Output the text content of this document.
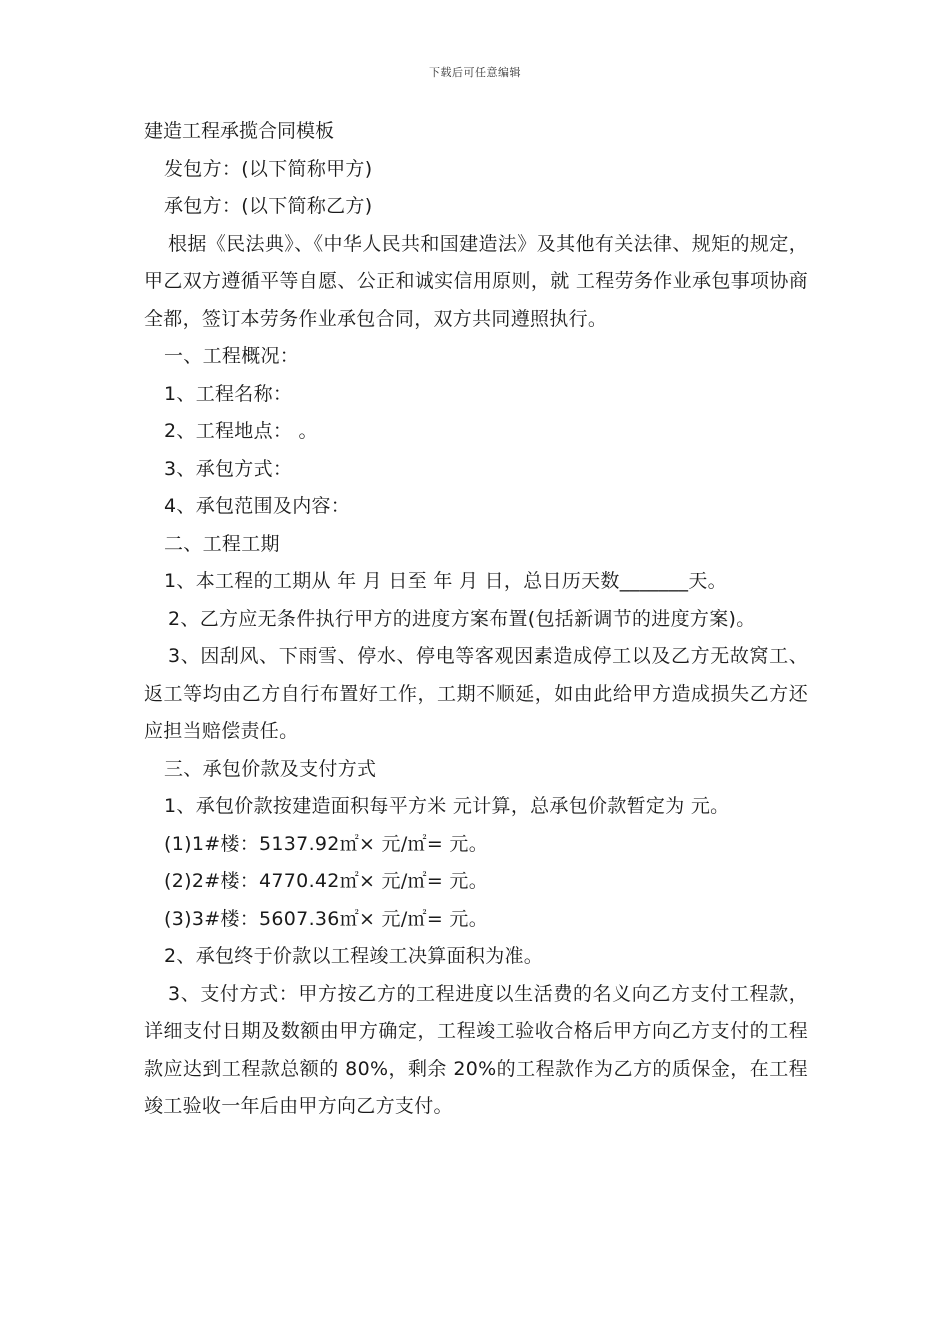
下载后可任意编辑
建造工程承揽合同模板

发包方：(以下简称甲方)

承包方：(以下简称乙方)

根据《民法典》、《中华人民共和国建造法》及其他有关法律、规矩的规定，甲乙双方遵循平等自愿、公正和诚实信用原则，就 工程劳务作业承包事项协商全都，签订本劳务作业承包合同，双方共同遵照执行。

一、工程概况：

1、工程名称：

2、工程地点： 。

3、承包方式：

4、承包范围及内容：

二、工程工期

1、本工程的工期从 年 月 日至 年 月 日，总日历天数_______天。

2、乙方应无条件执行甲方的进度方案布置(包括新调节的进度方案)。

3、因刮风、下雨雪、停水、停电等客观因素造成停工以及乙方无故窝工、返工等均由乙方自行布置好工作，工期不顺延，如由此给甲方造成损失乙方还应担当赔偿责任。

三、承包价款及支付方式

1、承包价款按建造面积每平方米 元计算，总承包价款暂定为 元。

(1)1#楼：5137.92㎡× 元/㎡= 元。

(2)2#楼：4770.42㎡× 元/㎡= 元。

(3)3#楼：5607.36㎡× 元/㎡= 元。

2、承包终于价款以工程竣工决算面积为准。

3、支付方式：甲方按乙方的工程进度以生活费的名义向乙方支付工程款，详细支付日期及数额由甲方确定，工程竣工验收合格后甲方向乙方支付的工程款应达到工程款总额的 80%，剩余 20%的工程款作为乙方的质保金，在工程竣工验收一年后由甲方向乙方支付。
